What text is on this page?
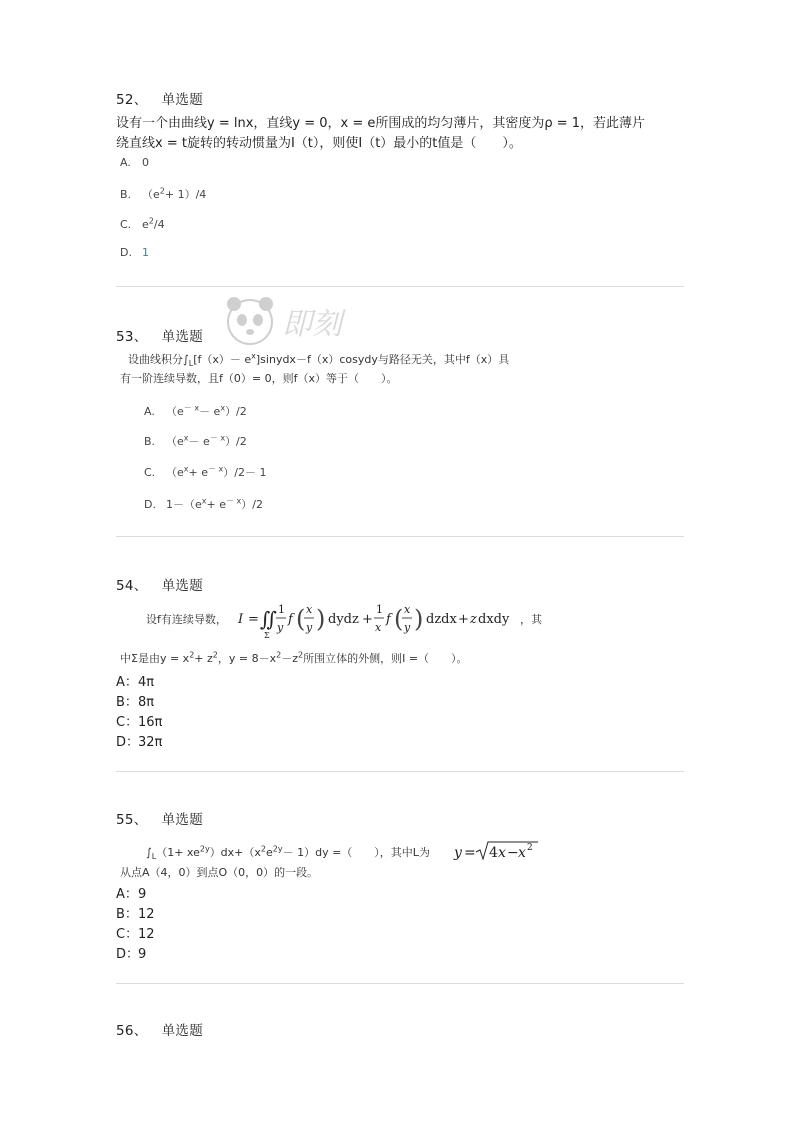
即刻
52、 单选题
设有一个由曲线y = lnx，直线y = 0，x = e所围成的均匀薄片，其密度为ρ = 1，若此薄片
绕直线x = t旋转的转动惯量为I（t），则使I（t）最小的t值是（　　）。
A. 0
B. $(e^2+ 1)/4$
C. $e^2/4$
D. 1
53、 单选题
设曲线积分$\int_L[f(x)-$ $e^x]sinydx-f(x)cosydy$与路径无关，其中f（x）具
有一阶连续导数，且f（0）= 0，则f（x）等于（　　）。
A. $(e^{- x}- e^x)/2$
B. $(e^x- e^{- x})/2$
C. $(e^x+ e^{- x})/2- 1$
D. $1-(e^x+ e^{- x})/2$
54、 单选题
设f有连续导数， I = ∬
Σ
1
y
f ( x
y ) dydz +
1
x
f ( x
y ) dzdx + z dxdy ，其
中Σ是由$y = x^2+ z^2$，$y = 8-x^2-z^2$所围立体的外侧，则I =（　　）。
A：4π
B：8π
C：16π
D：32π
55、 单选题
$\int_L(1+ xe^{2y})dx+(x^2e^{2y}- 1)dy$ =（　　），其中L为 y = 4 x − x 2
从点A（4，0）到点O（0，0）的一段。
A：9
B：12
C：12
D：9
56、 单选题
